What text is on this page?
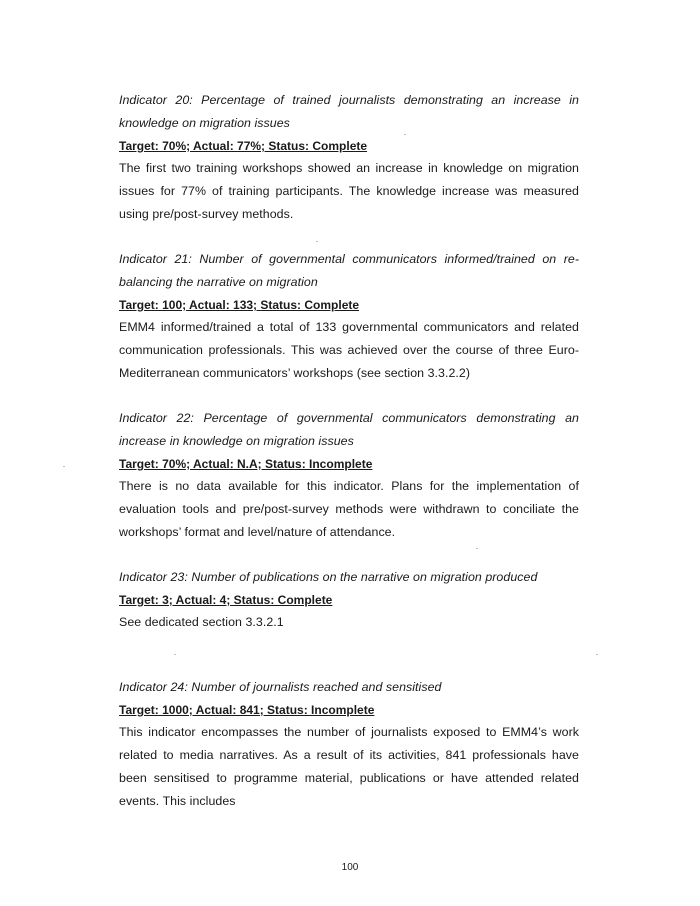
Indicator 20: Percentage of trained journalists demonstrating an increase in knowledge on migration issues

Target: 70%; Actual: 77%; Status: Complete

The first two training workshops showed an increase in knowledge on migration issues for 77% of training participants. The knowledge increase was measured using pre/post-survey methods.

Indicator 21: Number of governmental communicators informed/trained on re-balancing the narrative on migration

Target: 100; Actual: 133; Status: Complete

EMM4 informed/trained a total of 133 governmental communicators and related communication professionals. This was achieved over the course of three Euro-Mediterranean communicators’ workshops (see section 3.3.2.2)

Indicator 22: Percentage of governmental communicators demonstrating an increase in knowledge on migration issues

Target: 70%; Actual: N.A; Status: Incomplete

There is no data available for this indicator. Plans for the implementation of evaluation tools and pre/post-survey methods were withdrawn to conciliate the workshops’ format and level/nature of attendance.

Indicator 23: Number of publications on the narrative on migration produced

Target: 3; Actual: 4; Status: Complete

See dedicated section 3.3.2.1

Indicator 24: Number of journalists reached and sensitised

Target: 1000; Actual: 841; Status: Incomplete

This indicator encompasses the number of journalists exposed to EMM4’s work related to media narratives. As a result of its activities, 841 professionals have been sensitised to programme material, publications or have attended related events. This includes

100
